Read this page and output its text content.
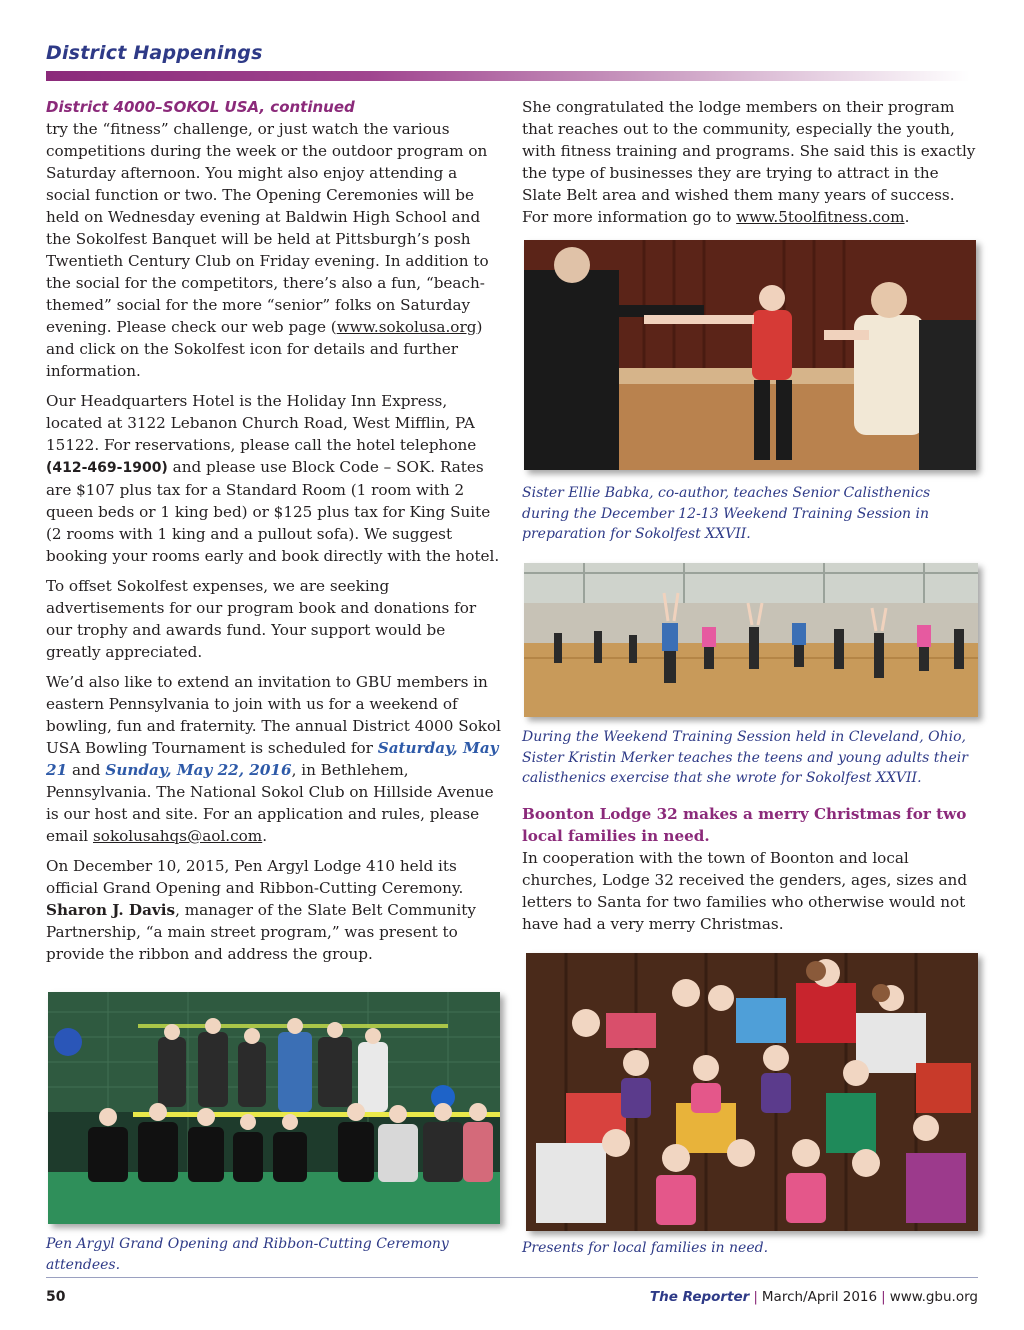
District Happenings
District 4000–SOKOL USA, continued

try the “fitness” challenge, or just watch the various competitions during the week or the outdoor program on Saturday afternoon. You might also enjoy attending a social function or two. The Opening Ceremonies will be held on Wednesday evening at Baldwin High School and the Sokolfest Banquet will be held at Pittsburgh’s posh Twentieth Century Club on Friday evening. In addition to the social for the competitors, there’s also a fun, “beach-themed” social for the more “senior” folks on Saturday evening. Please check our web page (www.sokolusa.org) and click on the Sokolfest icon for details and further information.

Our Headquarters Hotel is the Holiday Inn Express, located at 3122 Lebanon Church Road, West Mifflin, PA 15122. For reservations, please call the hotel telephone (412-469-1900) and please use Block Code – SOK. Rates are $107 plus tax for a Standard Room (1 room with 2 queen beds or 1 king bed) or $125 plus tax for King Suite (2 rooms with 1 king and a pullout sofa). We suggest booking your rooms early and book directly with the hotel.

To offset Sokolfest expenses, we are seeking advertisements for our program book and donations for our trophy and awards fund. Your support would be greatly appreciated.

We’d also like to extend an invitation to GBU members in eastern Pennsylvania to join with us for a weekend of bowling, fun and fraternity. The annual District 4000 Sokol USA Bowling Tournament is scheduled for Saturday, May 21 and Sunday, May 22, 2016, in Bethlehem, Pennsylvania. The National Sokol Club on Hillside Avenue is our host and site. For an application and rules, please email sokolusahqs@aol.com.

On December 10, 2015, Pen Argyl Lodge 410 held its official Grand Opening and Ribbon-Cutting Ceremony. Sharon J. Davis, manager of the Slate Belt Community Partnership, “a main street program,” was present to provide the ribbon and address the group.

Pen Argyl Grand Opening and Ribbon-Cutting Ceremony attendees.

She congratulated the lodge members on their program that reaches out to the community, especially the youth, with fitness training and programs. She said this is exactly the type of businesses they are trying to attract in the Slate Belt area and wished them many years of success. For more information go to www.5toolfitness.com.

Sister Ellie Babka, co-author, teaches Senior Calisthenics during the December 12-13 Weekend Training Session in preparation for Sokolfest XXVII.
During the Weekend Training Session held in Cleveland, Ohio, Sister Kristin Merker teaches the teens and young adults their calisthenics exercise that she wrote for Sokolfest XXVII.
Boonton Lodge 32 makes a merry Christmas for two local families in need.
In cooperation with the town of Boonton and local churches, Lodge 32 received the genders, ages, sizes and letters to Santa for two families who otherwise would not have had a very merry Christmas.
Presents for local families in need.
50	The Reporter | March/April 2016 | www.gbu.org
